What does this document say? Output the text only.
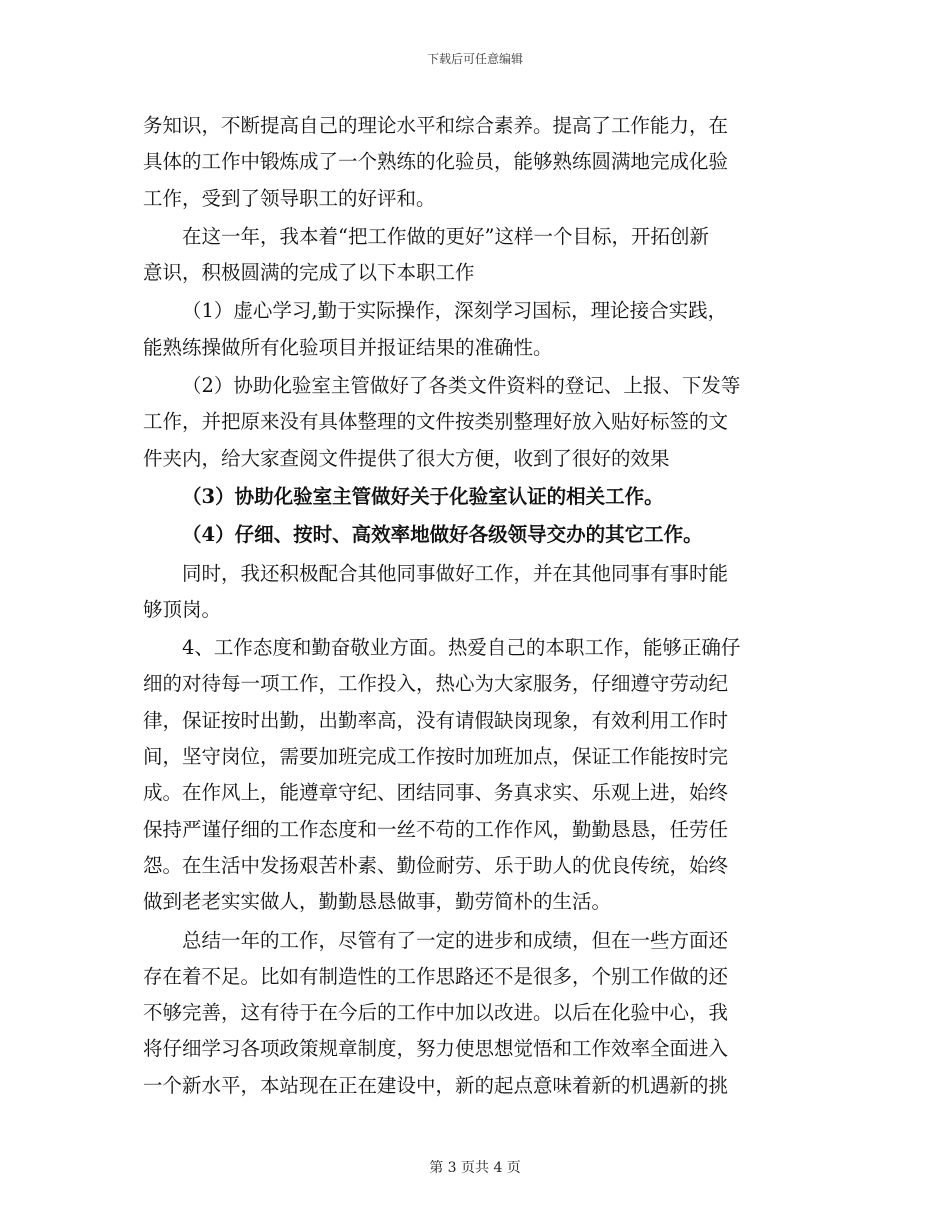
下载后可任意编辑
务知识，不断提高自己的理论水平和综合素养。提高了工作能力，在
具体的工作中锻炼成了一个熟练的化验员，能够熟练圆满地完成化验
工作，受到了领导职工的好评和。
在这一年，我本着“把工作做的更好”这样一个目标，开拓创新
意识，积极圆满的完成了以下本职工作
（1）虚心学习,勤于实际操作，深刻学习国标，理论接合实践，
能熟练操做所有化验项目并报证结果的准确性。
（2）协助化验室主管做好了各类文件资料的登记、上报、下发等
工作，并把原来没有具体整理的文件按类别整理好放入贴好标签的文
件夹内，给大家查阅文件提供了很大方便，收到了很好的效果
（3）协助化验室主管做好关于化验室认证的相关工作。
（4）仔细、按时、高效率地做好各级领导交办的其它工作。
同时，我还积极配合其他同事做好工作，并在其他同事有事时能
够顶岗。
4、工作态度和勤奋敬业方面。热爱自己的本职工作，能够正确仔
细的对待每一项工作，工作投入，热心为大家服务，仔细遵守劳动纪
律，保证按时出勤，出勤率高，没有请假缺岗现象，有效利用工作时
间，坚守岗位，需要加班完成工作按时加班加点，保证工作能按时完
成。在作风上，能遵章守纪、团结同事、务真求实、乐观上进，始终
保持严谨仔细的工作态度和一丝不苟的工作作风，勤勤恳恳，任劳任
怨。在生活中发扬艰苦朴素、勤俭耐劳、乐于助人的优良传统，始终
做到老老实实做人，勤勤恳恳做事，勤劳简朴的生活。
总结一年的工作，尽管有了一定的进步和成绩，但在一些方面还
存在着不足。比如有制造性的工作思路还不是很多，个别工作做的还
不够完善，这有待于在今后的工作中加以改进。以后在化验中心，我
将仔细学习各项政策规章制度，努力使思想觉悟和工作效率全面进入
一个新水平，本站现在正在建设中，新的起点意味着新的机遇新的挑
第 3 页共 4 页
